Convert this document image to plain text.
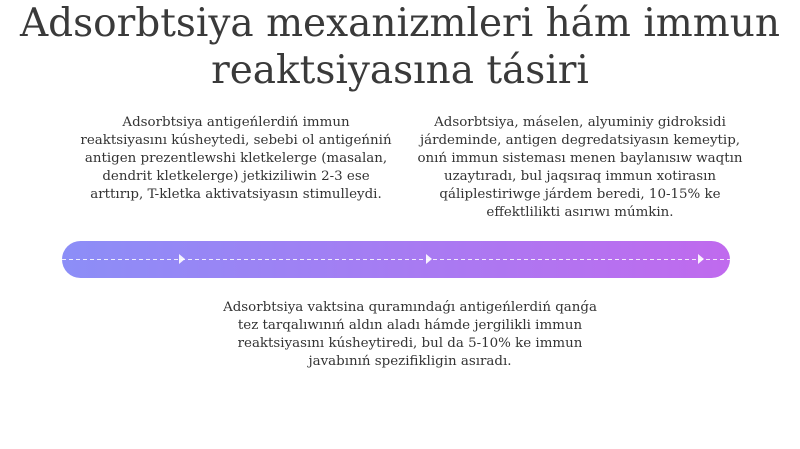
Adsorbtsiya mexanizmleri hám immun reaktsiyasına tásiri
Adsorbtsiya antigeńlerdiń immun reaktsiyasını kúsheytedi, sebebi ol antigeńniń antigen prezentlewshi kletkelerge (masalan, dendrit kletkelerge) jetkiziliwin 2-3 ese arttırıp, T-kletka aktivatsiyasın stimulleydi.
Adsorbtsiya, máselen, alyuminiy gidroksidi járdeminde, antigen degredatsiyasın kemeytip, onıń immun sisteması menen baylanısıw waqtın uzaytıradı, bul jaqsıraq immun xotirasın qáliplestiriwge járdem beredi, 10-15% ke effektlilikti asırıwı múmkin.
Adsorbtsiya vaktsina quramındaǵı antigeńlerdiń qanǵa tez tarqalıwınıń aldın aladı hámde jergilikli immun reaktsiyasını kúsheytiredi, bul da 5-10% ke immun javabınıń spezifikligin asıradı.
